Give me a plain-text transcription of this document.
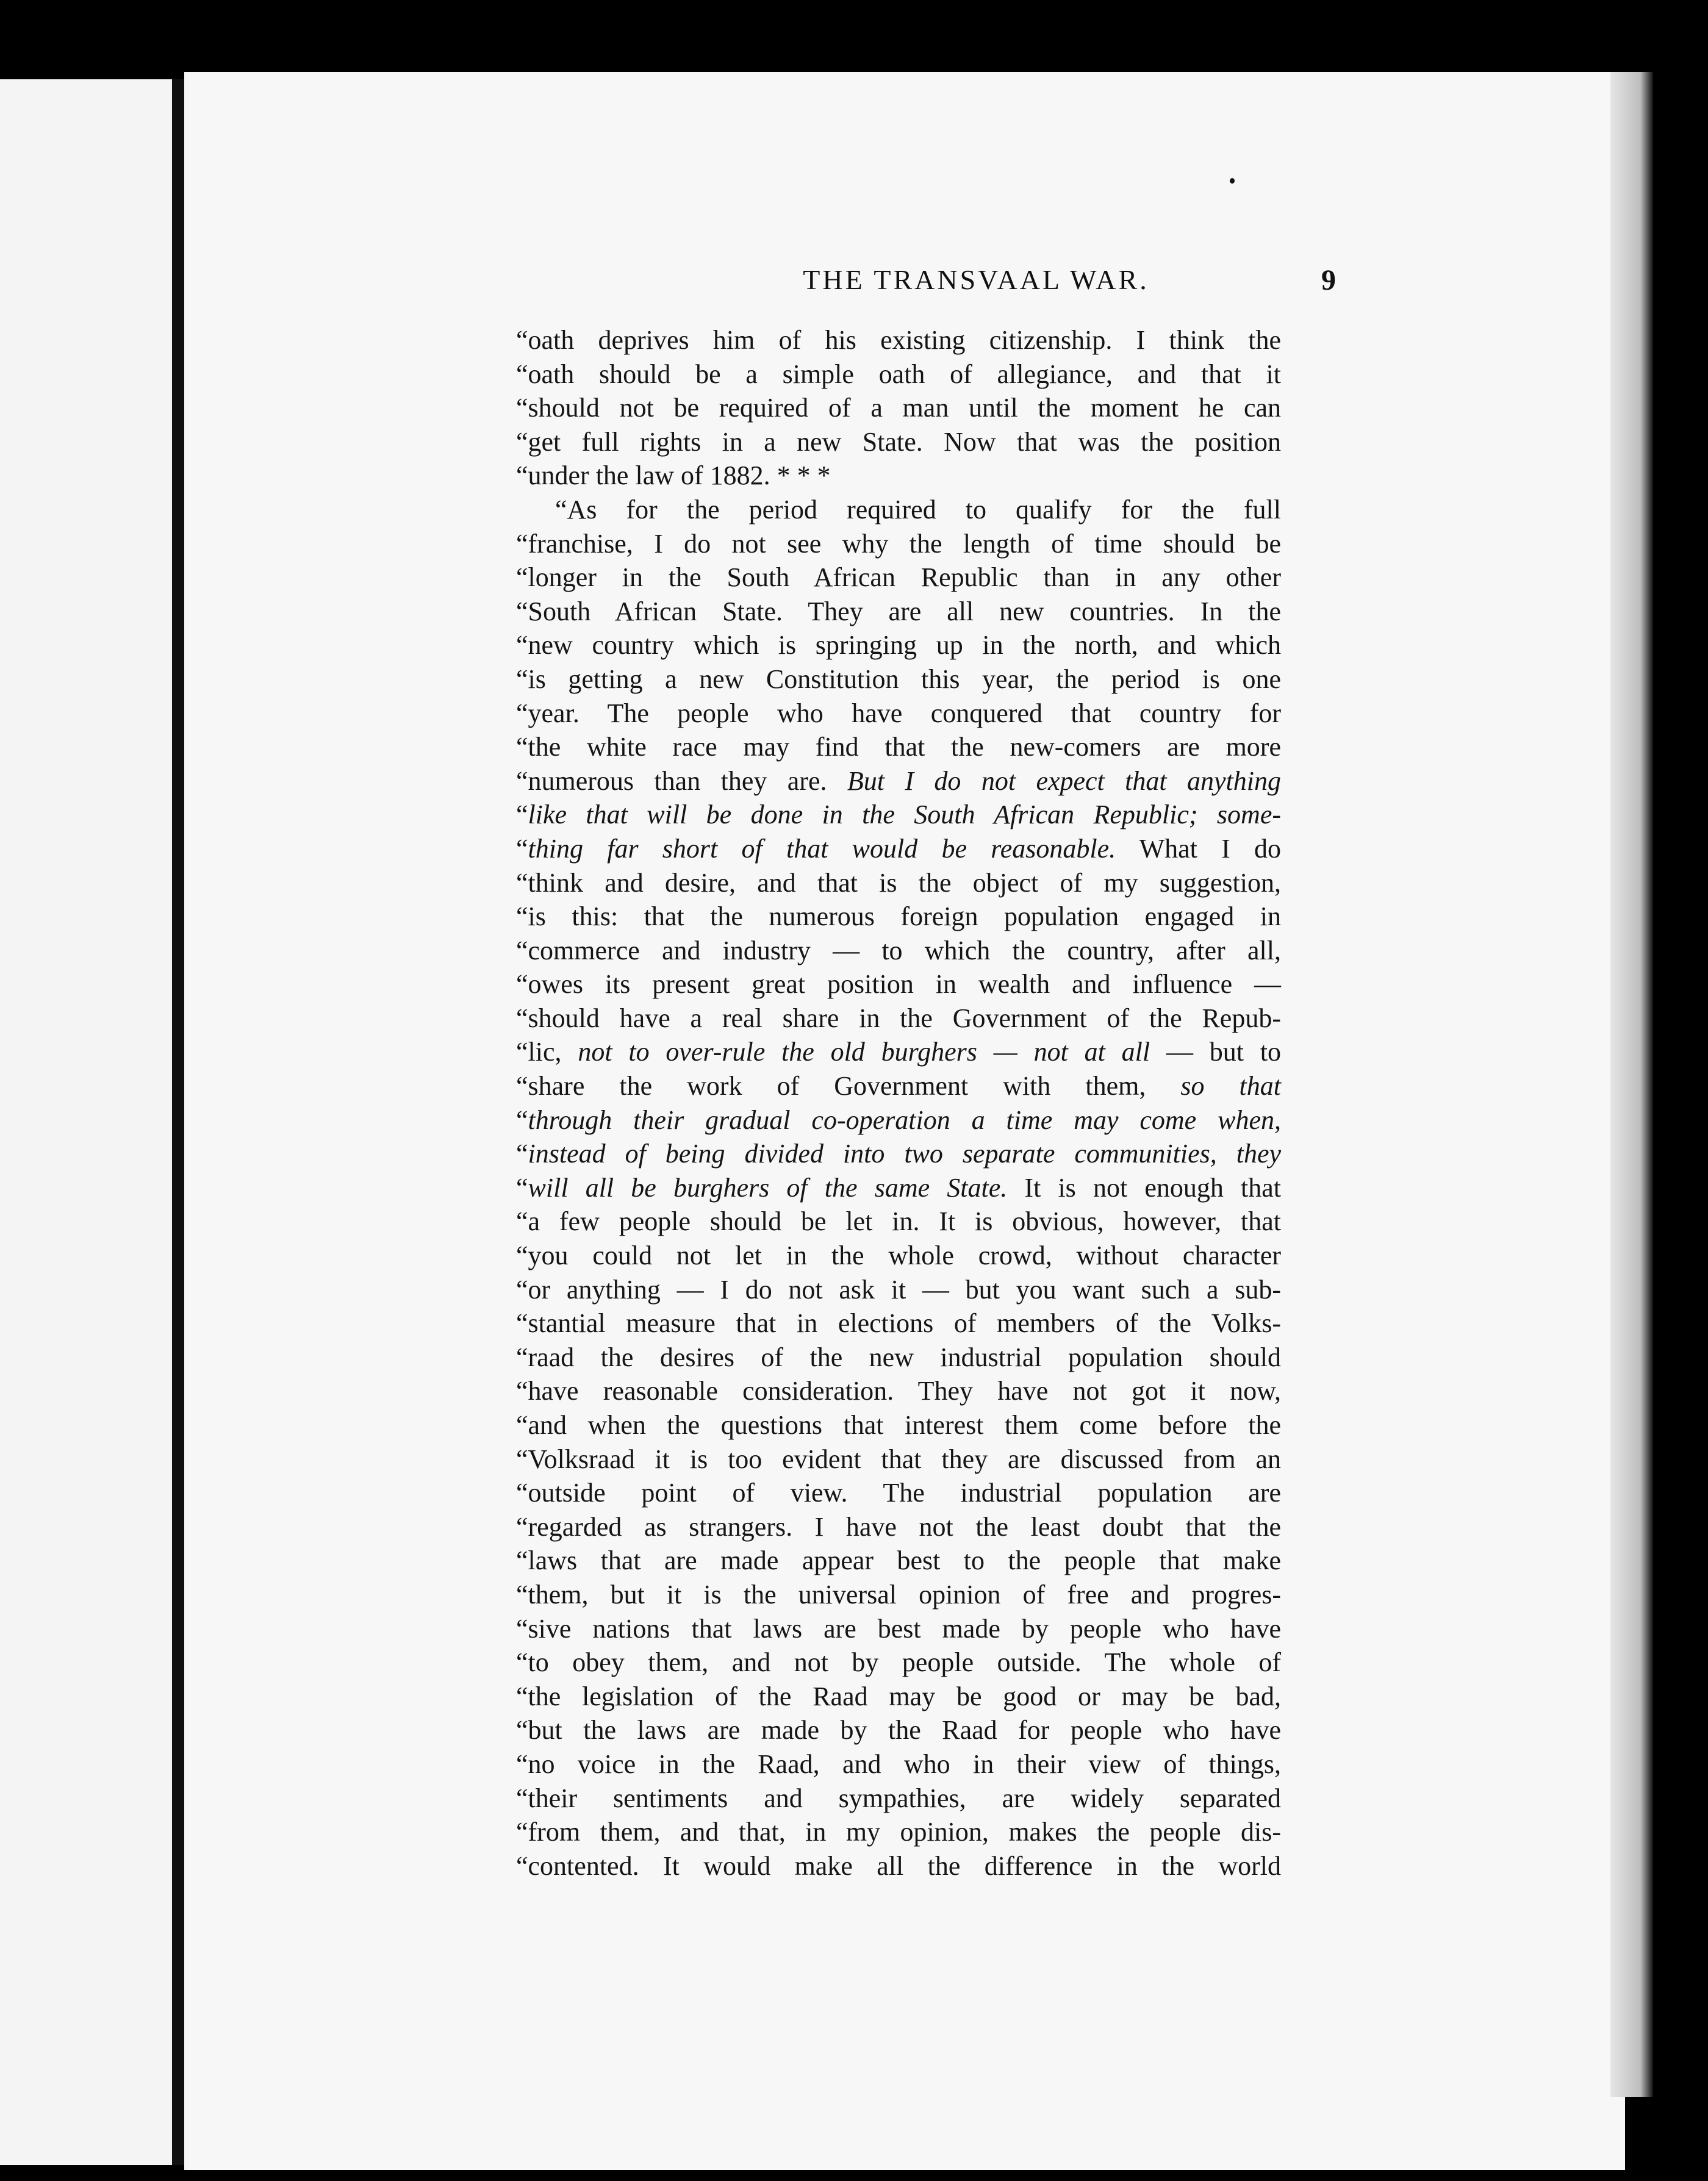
THE TRANSVAAL WAR.	9
“oath deprives him of his existing citizenship. I think the
“oath should be a simple oath of allegiance, and that it
“should not be required of a man until the moment he can
“get full rights in a new State. Now that was the position
“under the law of 1882. * * *
“As for the period required to qualify for the full
“franchise, I do not see why the length of time should be
“longer in the South African Republic than in any other
“South African State. They are all new countries. In the
“new country which is springing up in the north, and which
“is getting a new Constitution this year, the period is one
“year. The people who have conquered that country for
“the white race may find that the new-comers are more
“numerous than they are. But I do not expect that anything
“like that will be done in the South African Republic; some-
“thing far short of that would be reasonable. What I do
“think and desire, and that is the object of my suggestion,
“is this: that the numerous foreign population engaged in
“commerce and industry — to which the country, after all,
“owes its present great position in wealth and influence —
“should have a real share in the Government of the Repub-
“lic, not to over-rule the old burghers — not at all — but to
“share the work of Government with them, so that
“through their gradual co-operation a time may come when,
“instead of being divided into two separate communities, they
“will all be burghers of the same State. It is not enough that
“a few people should be let in. It is obvious, however, that
“you could not let in the whole crowd, without character
“or anything — I do not ask it — but you want such a sub-
“stantial measure that in elections of members of the Volks-
“raad the desires of the new industrial population should
“have reasonable consideration. They have not got it now,
“and when the questions that interest them come before the
“Volksraad it is too evident that they are discussed from an
“outside point of view. The industrial population are
“regarded as strangers. I have not the least doubt that the
“laws that are made appear best to the people that make
“them, but it is the universal opinion of free and progres-
“sive nations that laws are best made by people who have
“to obey them, and not by people outside. The whole of
“the legislation of the Raad may be good or may be bad,
“but the laws are made by the Raad for people who have
“no voice in the Raad, and who in their view of things,
“their sentiments and sympathies, are widely separated
“from them, and that, in my opinion, makes the people dis-
“contented. It would make all the difference in the world
